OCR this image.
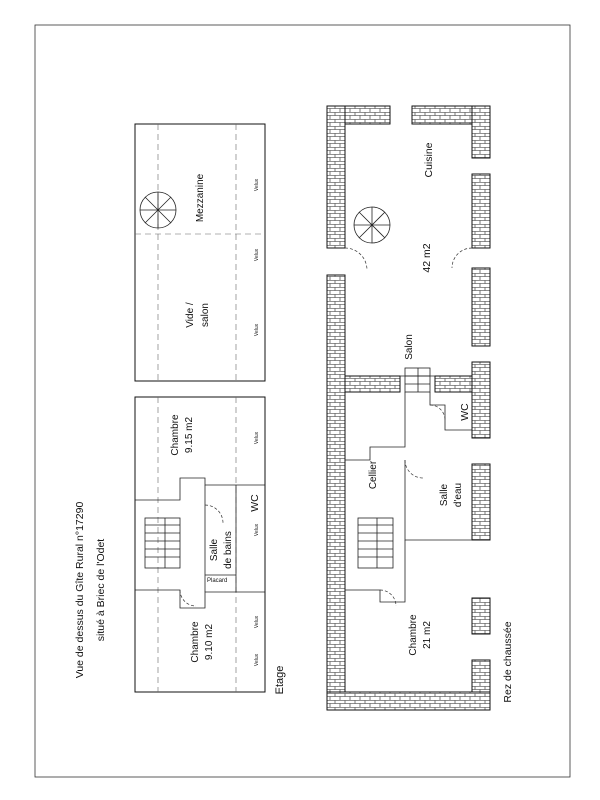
Vue de dessus du Gîte Rural n°17290 situé à Briec de l'Odet
Mezzanine
Vide / salon
Chambre 9.15 m2
WC
Salle de bains
Placard
Chambre 9.10 m2
Velux
Velux
Velux
Velux
Velux
Velux
Velux
Etage
Cuisine
42 m2
Salon
WC
Cellier
Salle d'eau
Chambre 21 m2	Rez de chaussée
